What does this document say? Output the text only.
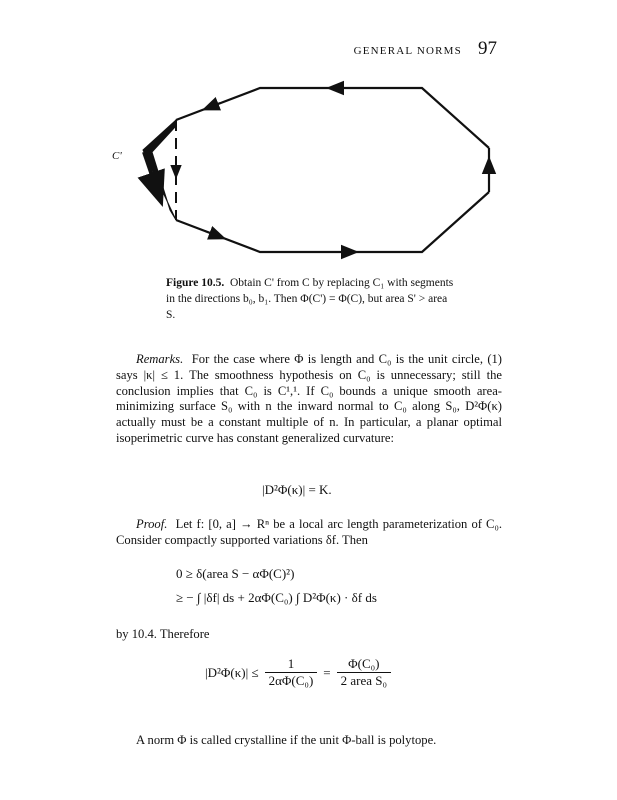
GENERAL NORMS 97
C'
Figure 10.5. Obtain C' from C by replacing C₁ with segments in the directions b₀, b₁. Then Φ(C') = Φ(C), but area S' > area S.
Remarks. For the case where Φ is length and C₀ is the unit circle, (1) says |κ| ≤ 1. The smoothness hypothesis on C₀ is unnecessary; still the conclusion implies that C₀ is C¹,¹. If C₀ bounds a unique smooth area-minimizing surface S₀ with n the inward normal to C₀ along S₀, D²Φ(κ) actually must be a constant multiple of n. In particular, a planar optimal isoperimetric curve has constant generalized curvature:
|D²Φ(κ)| = K.
Proof. Let f: [0, a] → Rⁿ be a local arc length parameterization of C₀. Consider compactly supported variations δf. Then
0 ≥ δ(area S − αΦ(C)²)
≥ − ∫ |δf| ds + 2αΦ(C₀) ∫ D²Φ(κ) · δf ds
by 10.4. Therefore
$|D^2\Phi(\kappa)| \le \frac{1}{\text{2αΦ(C₀)}}$ =
Φ(C₀)
2 area S₀
A norm Φ is called crystalline if the unit Φ-ball is polytope.
